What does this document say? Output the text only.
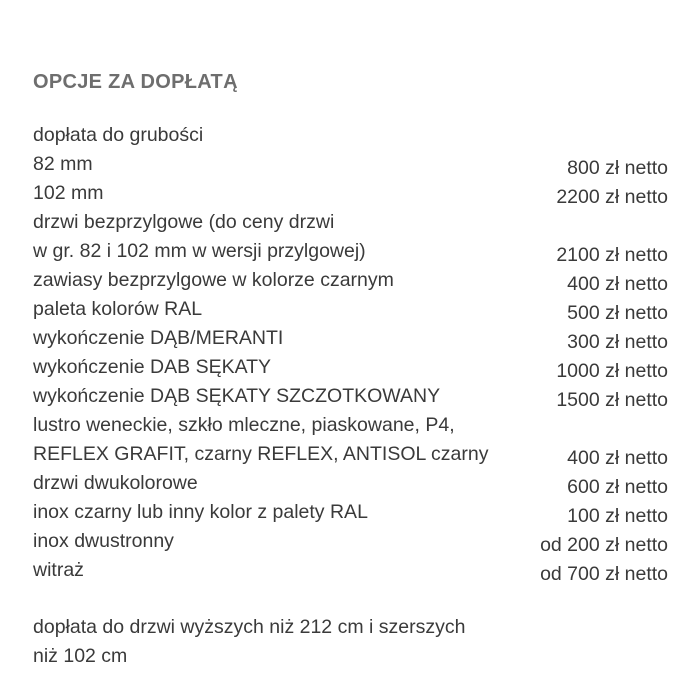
OPCJE ZA DOPŁATĄ
dopłata do grubości
82 mm	800 zł netto
102 mm	2200 zł netto
drzwi bezprzylgowe (do ceny drzwi
w gr. 82 i 102 mm w wersji przylgowej)	2100 zł netto
zawiasy bezprzylgowe w kolorze czarnym	400 zł netto
paleta kolorów RAL	500 zł netto
wykończenie DĄB/MERANTI	300 zł netto
wykończenie DAB SĘKATY	1000 zł netto
wykończenie DĄB SĘKATY SZCZOTKOWANY	1500 zł netto
lustro weneckie, szkło mleczne, piaskowane, P4,
REFLEX GRAFIT, czarny REFLEX, ANTISOL czarny	400 zł netto
drzwi dwukolorowe	600 zł netto
inox czarny lub inny kolor z palety RAL	100 zł netto
inox dwustronny	od 200 zł netto
witraż	od 700 zł netto

dopłata do drzwi wyższych niż 212 cm i szerszych
niż 102 cm
